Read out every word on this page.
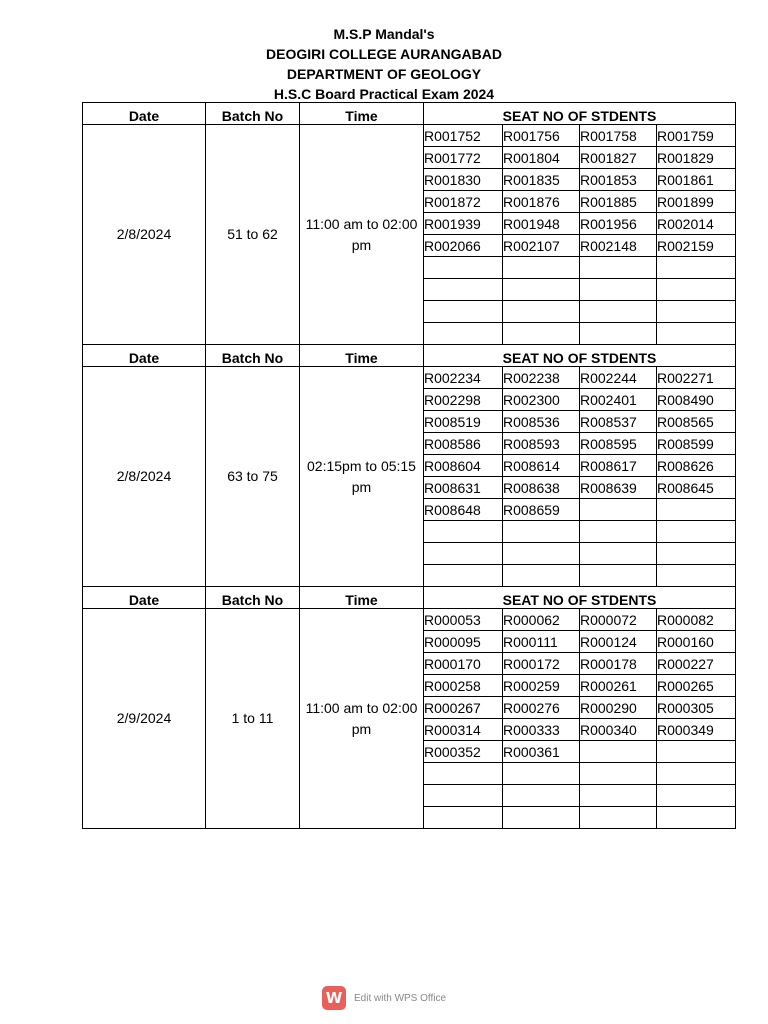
M.S.P Mandal's
DEOGIRI COLLEGE AURANGABAD
DEPARTMENT OF GEOLOGY
H.S.C Board Practical Exam 2024
Date	Batch No	Time	SEAT NO OF STDENTS			
2/8/2024	51 to 62	11:00 am to 02:00 pm	R001752	R001756	R001758	R001759
			R001772	R001804	R001827	R001829
			R001830	R001835	R001853	R001861
			R001872	R001876	R001885	R001899
			R001939	R001948	R001956	R002014
			R002066	R002107	R002148	R002159

Date	Batch No	Time	SEAT NO OF STDENTS			
2/8/2024	63 to 75	02:15pm to 05:15 pm	R002234	R002238	R002244	R002271
			R002298	R002300	R002401	R008490
			R008519	R008536	R008537	R008565
			R008586	R008593	R008595	R008599
			R008604	R008614	R008617	R008626
			R008631	R008638	R008639	R008645
			R008648	R008659		

Date	Batch No	Time	SEAT NO OF STDENTS			
2/9/2024	1 to 11	11:00 am to 02:00 pm	R000053	R000062	R000072	R000082
			R000095	R000111	R000124	R000160
			R000170	R000172	R000178	R000227
			R000258	R000259	R000261	R000265
			R000267	R000276	R000290	R000305
			R000314	R000333	R000340	R000349
			R000352	R000361		

W	Edit with WPS Office
